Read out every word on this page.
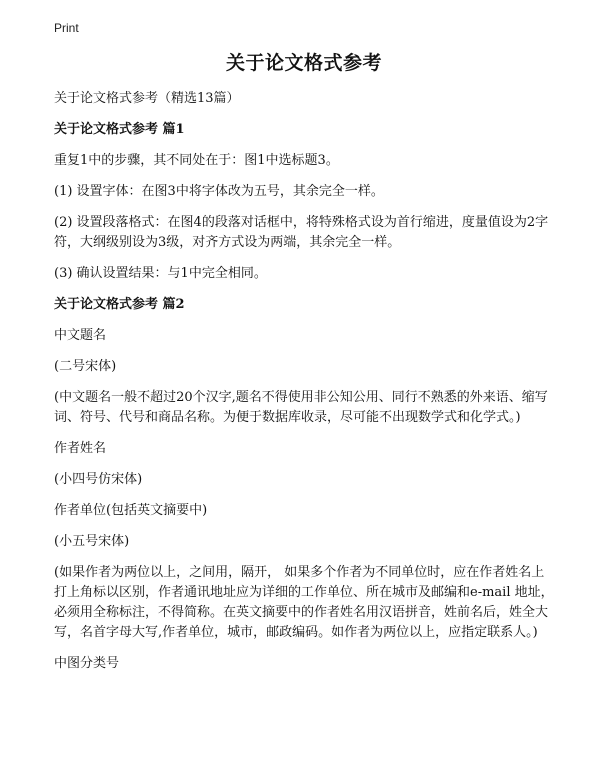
Print
关于论文格式参考
关于论文格式参考（精选13篇）
关于论文格式参考 篇1
重复1中的步骤，其不同处在于：图1中选标题3。
(1) 设置字体：在图3中将字体改为五号，其余完全一样。
(2) 设置段落格式：在图4的段落对话框中，将特殊格式设为首行缩进，度量值设为2字符，大纲级别设为3级，对齐方式设为两端，其余完全一样。
(3) 确认设置结果：与1中完全相同。
关于论文格式参考 篇2
中文题名
(二号宋体)
(中文题名一般不超过20个汉字,题名不得使用非公知公用、同行不熟悉的外来语、缩写词、符号、代号和商品名称。为便于数据库收录，尽可能不出现数学式和化学式。)
作者姓名
(小四号仿宋体)
作者单位(包括英文摘要中)
(小五号宋体)
(如果作者为两位以上，之间用，隔开， 如果多个作者为不同单位时，应在作者姓名上打上角标以区别，作者通讯地址应为详细的工作单位、所在城市及邮编和e-mail 地址，必须用全称标注，不得简称。在英文摘要中的作者姓名用汉语拼音，姓前名后，姓全大写，名首字母大写,作者单位，城市，邮政编码。如作者为两位以上，应指定联系人。)
中图分类号
